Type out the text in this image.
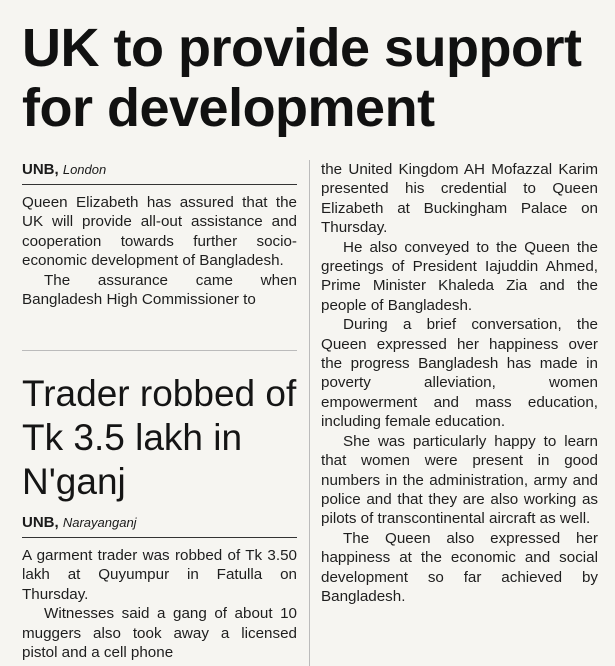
UK to provide support for development
UNB, London

Queen Elizabeth has assured that the UK will provide all-out assistance and cooperation towards further socio-economic development of Bangladesh.

The assurance came when Bangladesh High Commissioner to

the United Kingdom AH Mofazzal Karim presented his credential to Queen Elizabeth at Buckingham Palace on Thursday.

He also conveyed to the Queen the greetings of President Iajuddin Ahmed, Prime Minister Khaleda Zia and the people of Bangladesh.

During a brief conversation, the Queen expressed her happiness over the progress Bangladesh has made in poverty alleviation, women empowerment and mass education, including female education.

She was particularly happy to learn that women were present in good numbers in the administration, army and police and that they are also working as pilots of transcontinental aircraft as well.

The Queen also expressed her happiness at the economic and social development so far achieved by Bangladesh.

Trader robbed of Tk 3.5 lakh in N'ganj
UNB, Narayanganj

A garment trader was robbed of Tk 3.50 lakh at Quyumpur in Fatulla on Thursday.

Witnesses said a gang of about 10 muggers also took away a licensed pistol and a cell phone
